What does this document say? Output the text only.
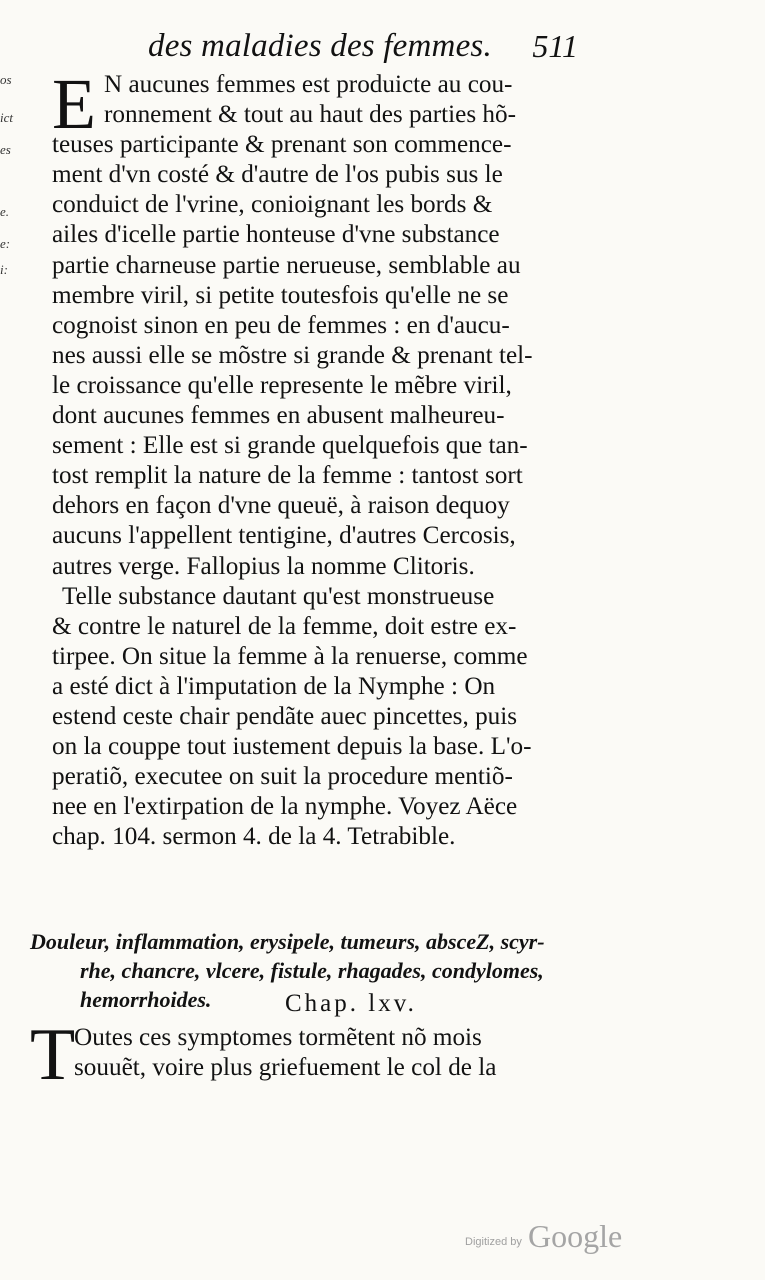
os
ict
es
e.
e:
i:
des maladies des femmes. 511
E N aucunes femmes est produicte au cou-
ronnement & tout au haut des parties hõ-
teuses participante & prenant son commence-
ment d'vn costé & d'autre de l'os pubis sus le
conduict de l'vrine, conioignant les bords &
ailes d'icelle partie honteuse d'vne substance
partie charneuse partie nerueuse, semblable au
membre viril, si petite toutesfois qu'elle ne se
cognoist sinon en peu de femmes : en d'aucu-
nes aussi elle se mõstre si grande & prenant tel-
le croissance qu'elle represente le mẽbre viril,
dont aucunes femmes en abusent malheureu-
sement : Elle est si grande quelquefois que tan-
tost remplit la nature de la femme : tantost sort
dehors en façon d'vne queuë, à raison dequoy
aucuns l'appellent tentigine, d'autres Cercosis,
autres verge. Fallopius la nomme Clitoris.
Telle substance dautant qu'est monstrueuse
& contre le naturel de la femme, doit estre ex-
tirpee. On situe la femme à la renuerse, comme
a esté dict à l'imputation de la Nymphe : On
estend ceste chair pendãte auec pincettes, puis
on la couppe tout iustement depuis la base. L'o-
peratiõ, executee on suit la procedure mentiõ-
nee en l'extirpation de la nymphe. Voyez Aëce
chap. 104. sermon 4. de la 4. Tetrabible.
Douleur, inflammation, erysipele, tumeurs, absceZ, scyr-
rhe, chancre, vlcere, fistule, rhagades, condylomes,
hemorrhoides.	Chap. lxv.
T
Outes ces symptomes tormẽtent nõ mois
souuẽt, voire plus griefuement le col de la
Digitized by Google
